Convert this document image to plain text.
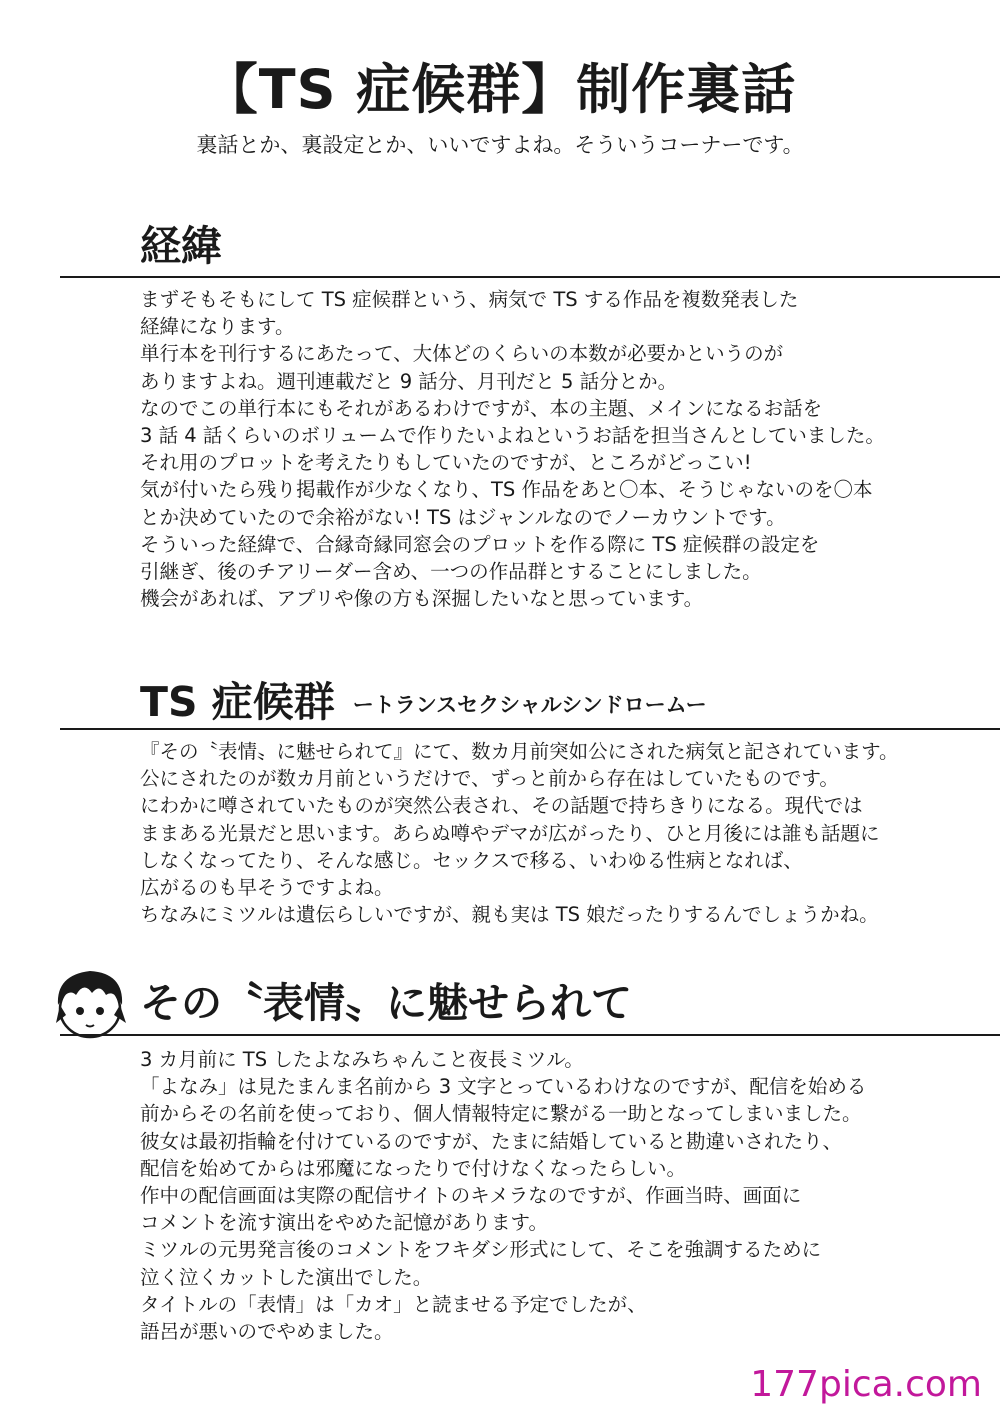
【TS 症候群】制作裏話

裏話とか、裏設定とか、いいですよね。そういうコーナーです。

経緯
まずそもそもにして TS 症候群という、病気で TS する作品を複数発表した
経緯になります。
単行本を刊行するにあたって、大体どのくらいの本数が必要かというのが
ありますよね。週刊連載だと 9 話分、月刊だと 5 話分とか。
なのでこの単行本にもそれがあるわけですが、本の主題、メインになるお話を
3 話 4 話くらいのボリュームで作りたいよねというお話を担当さんとしていました。
それ用のプロットを考えたりもしていたのですが、ところがどっこい!
気が付いたら残り掲載作が少なくなり、TS 作品をあと〇本、そうじゃないのを〇本
とか決めていたので余裕がない! TS はジャンルなのでノーカウントです。
そういった経緯で、合縁奇縁同窓会のプロットを作る際に TS 症候群の設定を
引継ぎ、後のチアリーダー含め、一つの作品群とすることにしました。
機会があれば、アプリや像の方も深掘したいなと思っています。
TS 症候群 ートランスセクシャルシンドロームー
『その〝表情〟に魅せられて』にて、数カ月前突如公にされた病気と記されています。
公にされたのが数カ月前というだけで、ずっと前から存在はしていたものです。
にわかに噂されていたものが突然公表され、その話題で持ちきりになる。現代では
ままある光景だと思います。あらぬ噂やデマが広がったり、ひと月後には誰も話題に
しなくなってたり、そんな感じ。セックスで移る、いわゆる性病となれば、
広がるのも早そうですよね。
ちなみにミツルは遺伝らしいですが、親も実は TS 娘だったりするんでしょうかね。
その〝表情〟に魅せられて
3 カ月前に TS したよなみちゃんこと夜長ミツル。
「よなみ」は見たまんま名前から 3 文字とっているわけなのですが、配信を始める
前からその名前を使っており、個人情報特定に繋がる一助となってしまいました。
彼女は最初指輪を付けているのですが、たまに結婚していると勘違いされたり、
配信を始めてからは邪魔になったりで付けなくなったらしい。
作中の配信画面は実際の配信サイトのキメラなのですが、作画当時、画面に
コメントを流す演出をやめた記憶があります。
ミツルの元男発言後のコメントをフキダシ形式にして、そこを強調するために
泣く泣くカットした演出でした。
タイトルの「表情」は「カオ」と読ませる予定でしたが、
語呂が悪いのでやめました。
177pica.com
